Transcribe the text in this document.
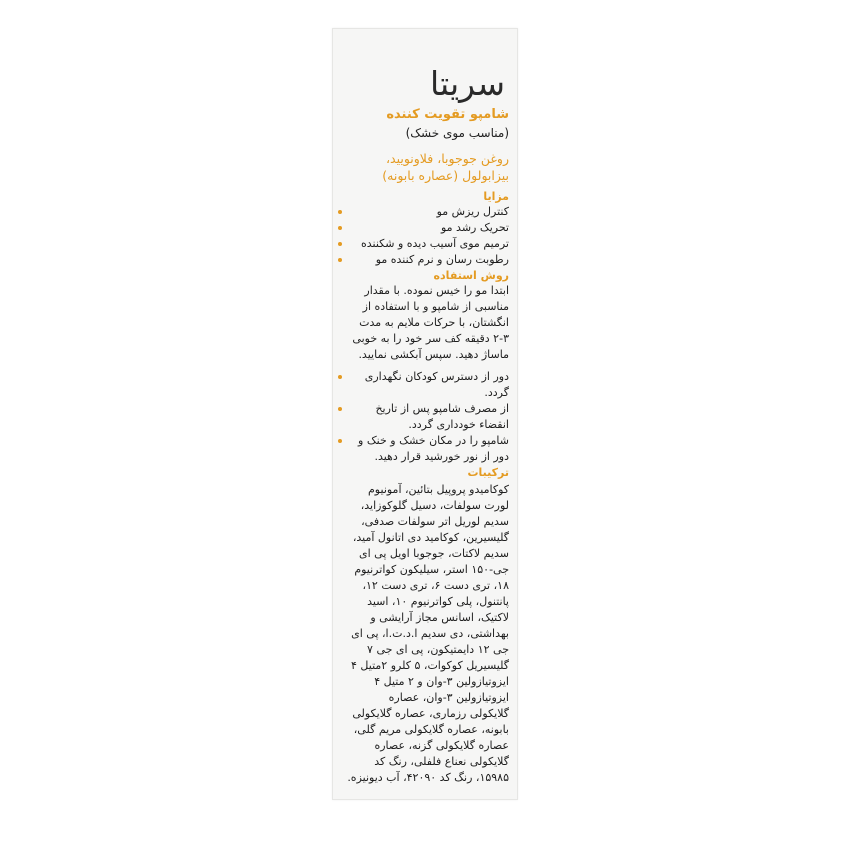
سریتا
شامپو تقویت کننده
(مناسب موی خشک)
روغن جوجوبا، فلاونویید، بیزابولول (عصاره بابونه)
مزایا
کنترل ریزش مو
تحریک رشد مو
ترمیم موی آسیب دیده و شکننده
رطوبت رسان و نرم کننده مو
روش استفاده

ابتدا مو را خیس نموده. با مقدار مناسبی از شامپو و با استفاده از انگشتان، با حرکات ملایم به مدت ۳-۲ دقیقه کف سر خود را به خوبی ماساژ دهید. سپس آبکشی نمایید.

دور از دسترس کودکان نگهداری گردد.
از مصرف شامپو پس از تاریخ انقضاء خودداری گردد.
شامپو را در مکان خشک و خنک و دور از نور خورشید قرار دهید.
ترکیبات

کوکامیدو پروپیل بتائین، آمونیوم لورت سولفات، دسیل گلوکوزاید، سدیم لوریل اتر سولفات صدفی، گلیسیرین، کوکامید دی اتانول آمید، سدیم لاکتات، جوجوبا اویل پی ای جی-۱۵۰ استر، سیلیکون کواترنیوم ۱۸، تری دست ۶، تری دست ۱۲، پانتنول، پلی کواترنیوم ۱۰، اسید لاکتیک، اسانس مجاز آرایشی و بهداشتی، دی سدیم ا.د.ت.ا، پی ای جی ۱۲ دایمتیکون، پی ای جی ۷ گلیسیریل کوکوات، ۵ کلرو ۲متیل ۴ ایزوتیازولین ۳-وان و ۲ متیل ۴ ایزوتیازولین ۳-وان، عصاره گلایکولی رزماری، عصاره گلایکولی بابونه، عصاره گلایکولی مریم گلی، عصاره گلایکولی گزنه، عصاره گلایکولی نعناع فلفلی، رنگ کد ۱۵۹۸۵، رنگ کد ۴۲۰۹۰، آب دیونیزه.
